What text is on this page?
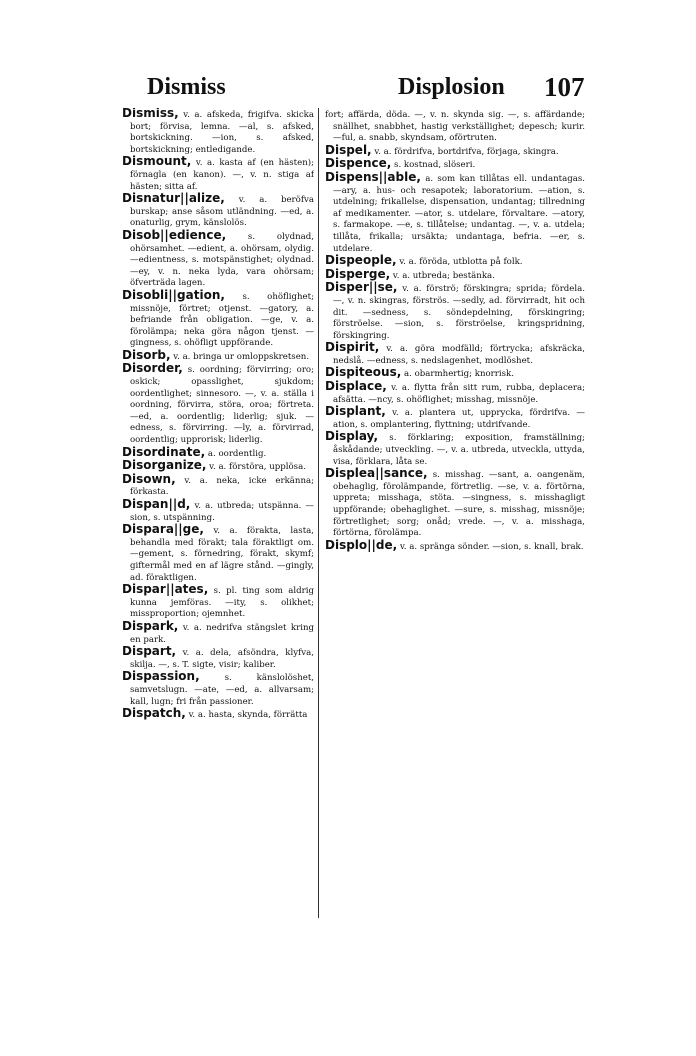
Dismiss	Displosion 107

Dismiss, v. a. afskeda, frigifva. skicka bort; förvisa, lemna. —al, s. afsked, bortskickning. —ion, s. afsked, bortskickning; entledigande.

Dismount, v. a. kasta af (en hästen); förnagla (en kanon). —, v. n. stiga af hästen; sitta af.

Disnatur||alize, v. a. beröfva burskap; anse såsom utländning. —ed, a. onaturlig, grym, känslolös.

Disob||edience,	s. olydnad, ohörsamhet. —edient, a. ohörsam, olydig. —edientness, s. motspänstighet; olydnad. —ey, v. n. neka lyda, vara ohörsam; öfverträda lagen.

Disobli||gation, s. ohöflighet; missnöje, förtret; otjenst. —gatory, a. befriande från obligation. —ge, v. a. förolämpa; neka göra någon tjenst. —gingness, s. ohöfligt uppförande.

Disorb, v. a. bringa ur omloppskretsen.

Disorder, s. oordning; förvirring; oro; oskick; opasslighet, sjukdom; oordentlighet; sinnesoro. —, v. a. ställa i oordning, förvirra, störa, oroa; förtreta. —ed, a. oordentlig; liderlig; sjuk. —edness, s. förvirring. —ly, a. förvirrad, oordentlig; upprorisk; liderlig.

Disordinate, a. oordentlig.

Disorganize, v. a. förstöra, upplösa.

Disown, v. a. neka, icke erkänna; förkasta.

Dispan||d, v. a. utbreda; utspänna. —sion, s. utspänning.

Dispara||ge, v. a. förakta, lasta, behandla med förakt; tala föraktligt om. —gement, s. förnedring, förakt, skymf; giftermål med en af lägre stånd. —gingly, ad. föraktligen.

Dispar||ates, s. pl. ting som aldrig kunna jemföras. —ity, s. olikhet; missproportion; ojemnhet.

Dispark, v. a. nedrifva stängslet kring en park.

Dispart, v. a. dela, afsöndra, klyfva, skilja. —, s. T. sigte, visir; kaliber.

Dispassion,	s. känslolöshet, samvetslugn. —ate, —ed, a. allvarsam; kall, lugn; fri från passioner.

Dispatch, v. a. hasta, skynda, förrätta

fort; affärda, döda. —, v. n. skynda sig. —, s. affärdande; snällhet, snabbhet, hastig verkställighet; depesch; kurir. —ful, a. snabb, skyndsam, oförtruten.

Dispel, v. a. fördrifva, bortdrifva, förjaga, skingra.

Dispence, s. kostnad, slöseri.

Dispens||able, a. som kan tillåtas ell. undantagas. —ary, a. hus- och resapotek; laboratorium. —ation, s. utdelning; frikallelse, dispensation, undantag; tillredning af medikamenter. —ator, s. utdelare, förvaltare. —atory, s. farmakope. —e, s. tillåtelse; undantag. —, v. a. utdela; tillåta, frikalla; ursäkta; undantaga, befria. —er, s. utdelare.

Dispeople, v. a. förödа, utblotta på folk.

Disperge, v. a. utbreda; bestänka.

Disper||se, v. a. förströ; förskingra; sprida; fördela. —, v. n. skingras, förströs. —sedly, ad. förvirradt, hit och dit. —sedness, s. söndерdelning, förskingring; förströelse. —sion, s. förströelse, kringspridning, förskingring.

Dispirit, v. a. göra modfälld; förtrycka; afskräcka, nedslå. —edness, s. nedslagenhet, modlöshet.

Dispiteous, a. obarmhertig; knorrisk.

Displace, v. a. flytta från sitt rum, rubba, deplacera; afsätta. —ncy, s. ohöflighet; misshag, missnöje.

Displant, v. a. plantera ut, uppryckа, fördrifva. —ation, s. omplantering, flyttning; utdrifvande.

Display, s. förklaring; exposition, framställning; åskådande; utveckling. —, v. a. utbreda, utveckla, uttyda, visa, förklara, låta se.

Displea||sance, s. misshag. —sant, a. oangenäm, obehaglig, förolämpande, förtretlig. —se, v. a. förtörna, uppreta; misshaga, stöta. —singness, s. misshagligt uppförande; obehaglighet. —sure, s. misshag, missnöje; förtretlighet; sorg; onåd; vrede. —, v. a. misshaga, förtörna, förolämpa.

Displo||de, v. a. spränga sönder. —sion, s. knall, brak.
